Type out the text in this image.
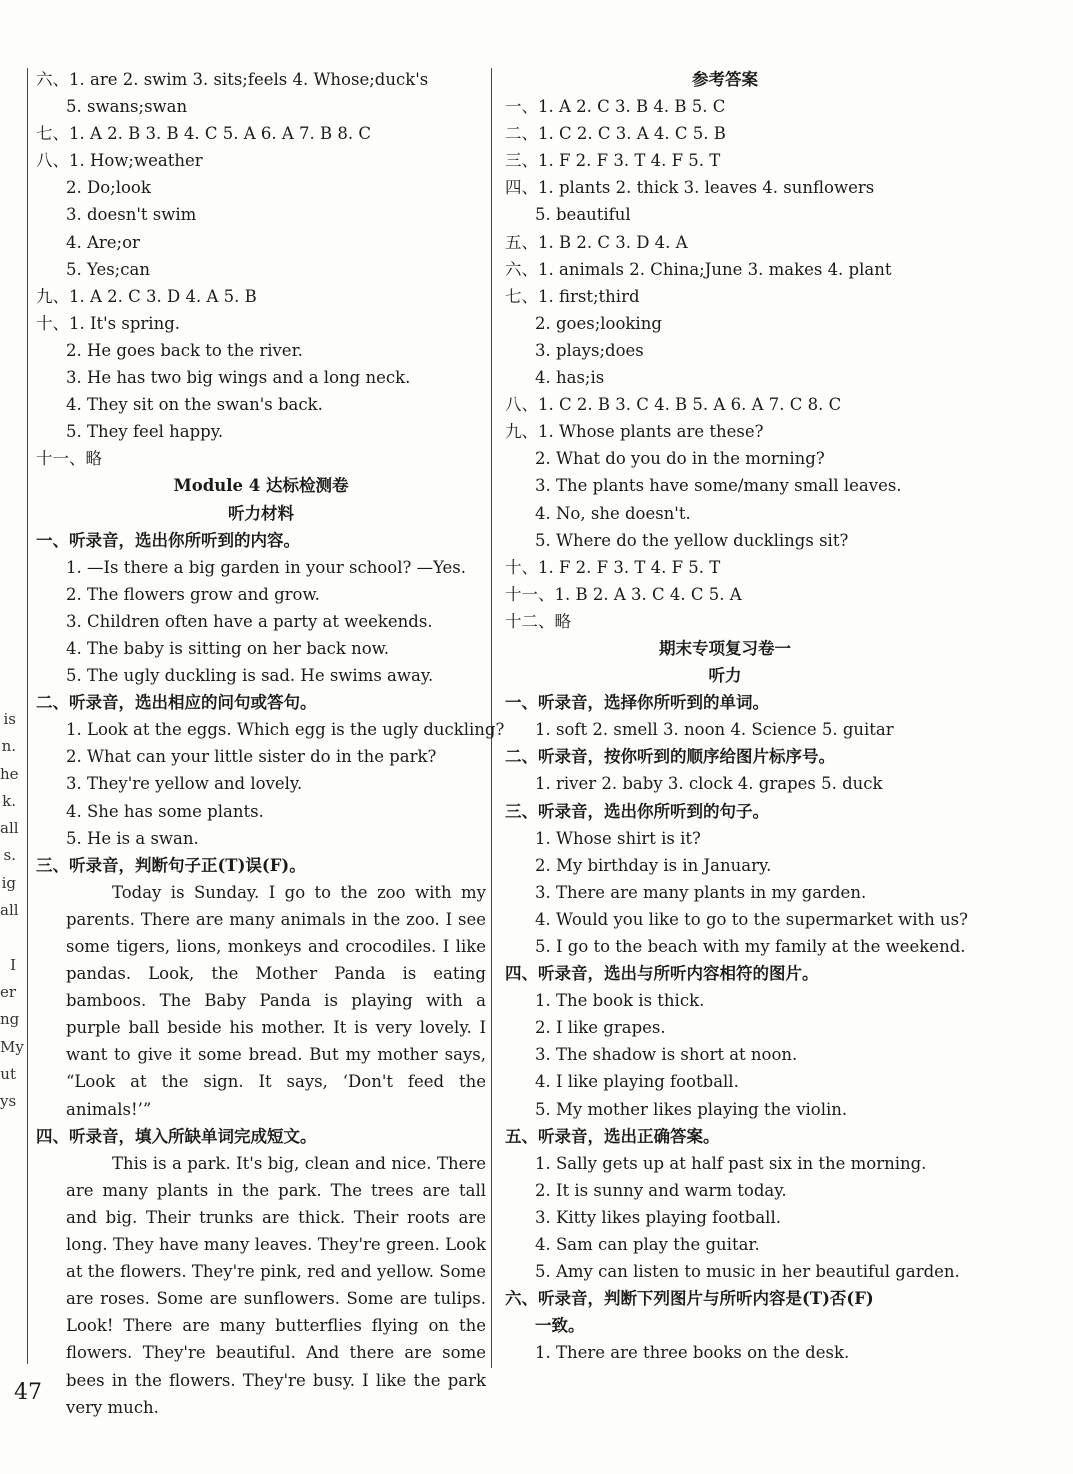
is
n.
he
k.
all
s.
ig
all
I
er
ng
My
ut
ys
六、1. are 2. swim 3. sits;feels 4. Whose;duck's
5. swans;swan
七、1. A 2. B 3. B 4. C 5. A 6. A 7. B 8. C
八、1. How;weather
2. Do;look
3. doesn't swim
4. Are;or
5. Yes;can
九、1. A 2. C 3. D 4. A 5. B
十、1. It's spring.
2. He goes back to the river.
3. He has two big wings and a long neck.
4. They sit on the swan's back.
5. They feel happy.
十一、略
Module 4 达标检测卷
听力材料
一、听录音，选出你所听到的内容。
1. —Is there a big garden in your school? —Yes.
2. The flowers grow and grow.
3. Children often have a party at weekends.
4. The baby is sitting on her back now.
5. The ugly duckling is sad. He swims away.
二、听录音，选出相应的问句或答句。
1. Look at the eggs. Which egg is the ugly duckling?
2. What can your little sister do in the park?
3. They're yellow and lovely.
4. She has some plants.
5. He is a swan.
三、听录音，判断句子正(T)误(F)。

Today is Sunday. I go to the zoo with my parents. There are many animals in the zoo. I see some tigers, lions, monkeys and crocodiles. I like pandas. Look, the Mother Panda is eating bamboos. The Baby Panda is playing with a purple ball beside his mother. It is very lovely. I want to give it some bread. But my mother says, “Look at the sign. It says, ‘Don't feed the animals!’”

四、听录音，填入所缺单词完成短文。

This is a park. It's big, clean and nice. There are many plants in the park. The trees are tall and big. Their trunks are thick. Their roots are long. They have many leaves. They're green. Look at the flowers. They're pink, red and yellow. Some are roses. Some are sunflowers. Some are tulips. Look! There are many butterflies flying on the flowers. They're beautiful. And there are some bees in the flowers. They're busy. I like the park very much.

参考答案
一、1. A 2. C 3. B 4. B 5. C
二、1. C 2. C 3. A 4. C 5. B
三、1. F 2. F 3. T 4. F 5. T
四、1. plants 2. thick 3. leaves 4. sunflowers
5. beautiful
五、1. B 2. C 3. D 4. A
六、1. animals 2. China;June 3. makes 4. plant
七、1. first;third
2. goes;looking
3. plays;does
4. has;is
八、1. C 2. B 3. C 4. B 5. A 6. A 7. C 8. C
九、1. Whose plants are these?
2. What do you do in the morning?
3. The plants have some/many small leaves.
4. No, she doesn't.
5. Where do the yellow ducklings sit?
十、1. F 2. F 3. T 4. F 5. T
十一、1. B 2. A 3. C 4. C 5. A
十二、略
期末专项复习卷一
听力
一、听录音，选择你所听到的单词。
1. soft 2. smell 3. noon 4. Science 5. guitar
二、听录音，按你听到的顺序给图片标序号。
1. river 2. baby 3. clock 4. grapes 5. duck
三、听录音，选出你所听到的句子。
1. Whose shirt is it?
2. My birthday is in January.
3. There are many plants in my garden.
4. Would you like to go to the supermarket with us?
5. I go to the beach with my family at the weekend.
四、听录音，选出与所听内容相符的图片。
1. The book is thick.
2. I like grapes.
3. The shadow is short at noon.
4. I like playing football.
5. My mother likes playing the violin.
五、听录音，选出正确答案。
1. Sally gets up at half past six in the morning.
2. It is sunny and warm today.
3. Kitty likes playing football.
4. Sam can play the guitar.
5. Amy can listen to music in her beautiful garden.
六、听录音，判断下列图片与所听内容是(T)否(F)
一致。
1. There are three books on the desk.
47
